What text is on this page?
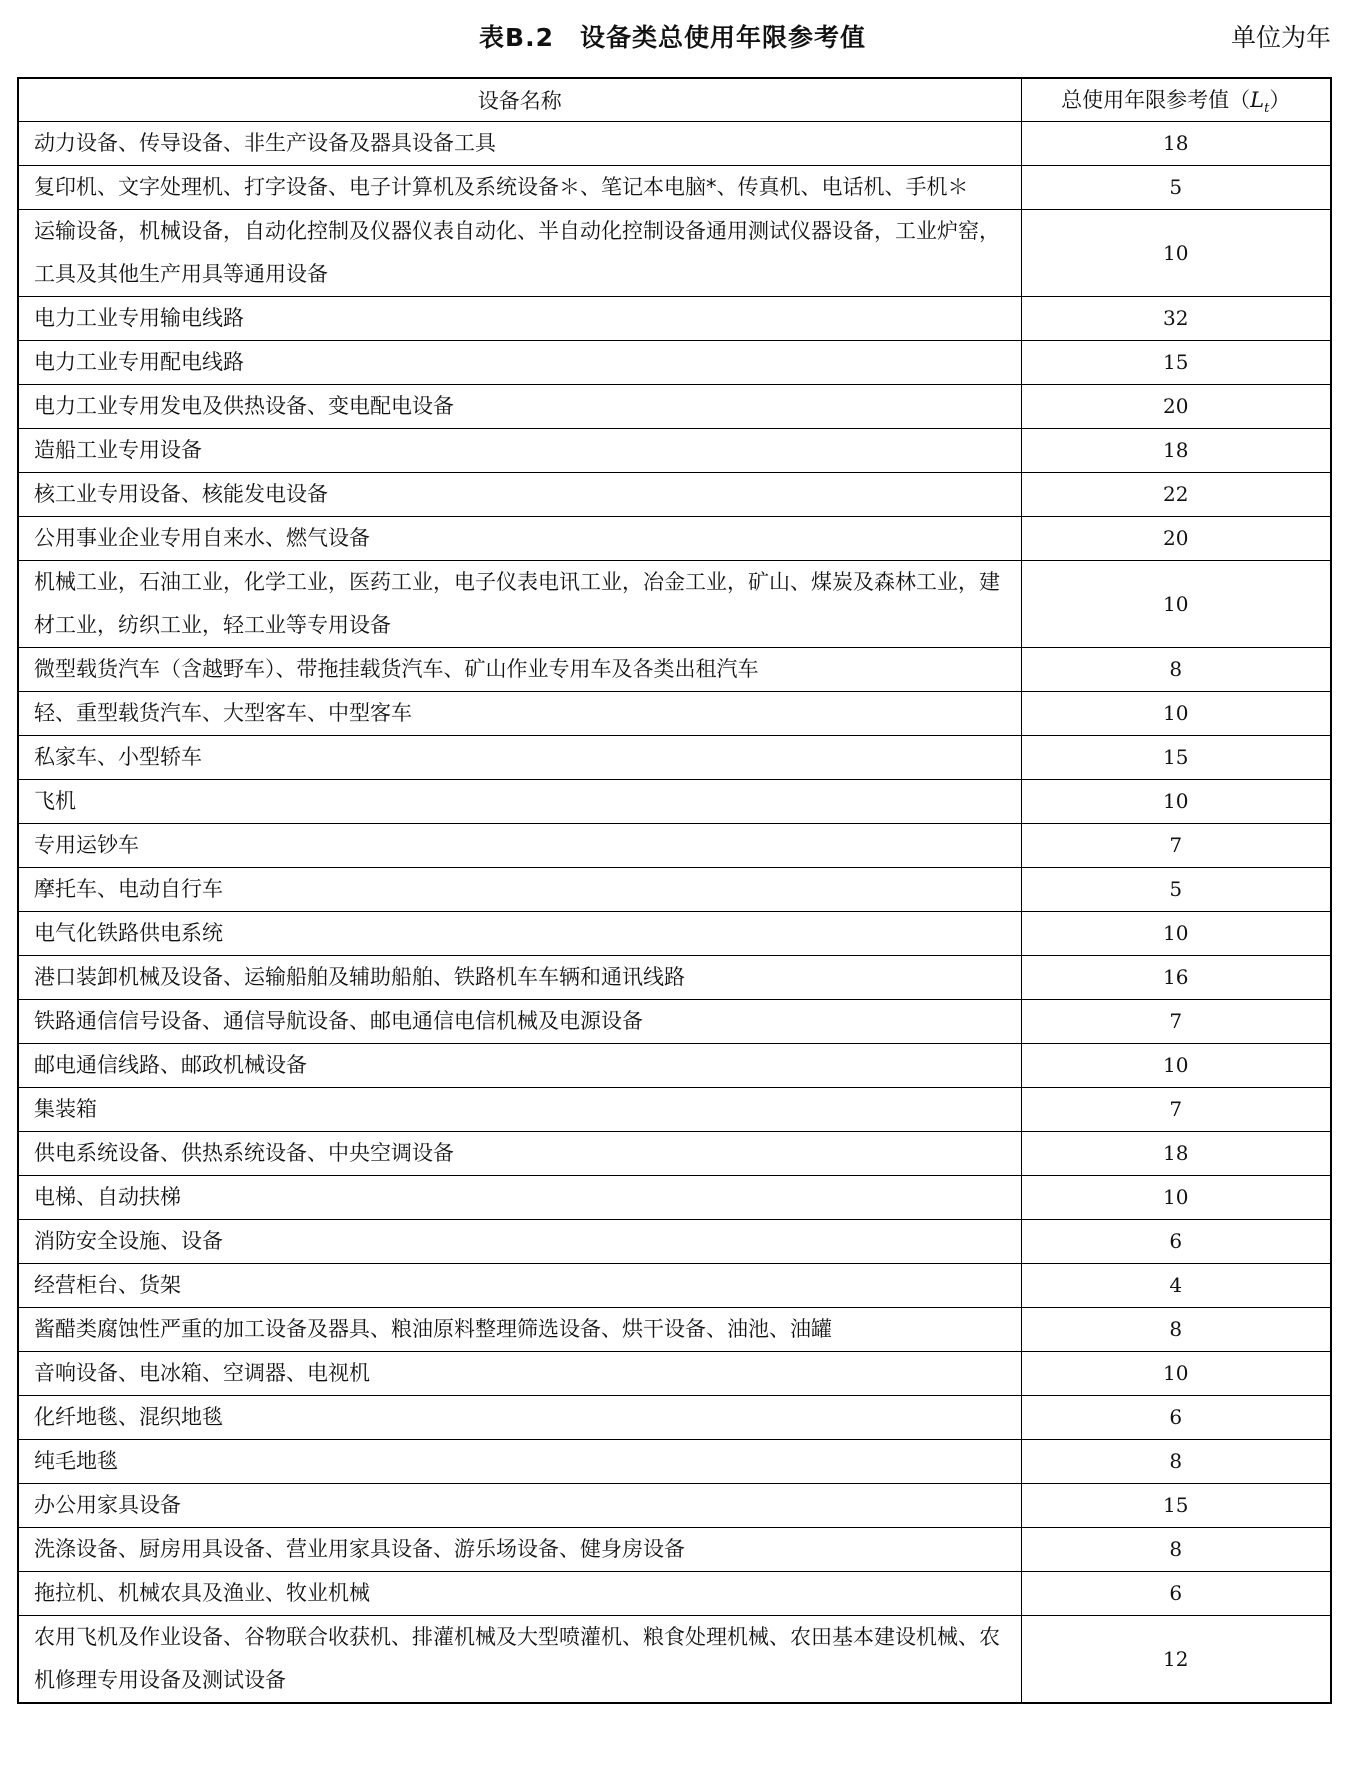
表B.2　设备类总使用年限参考值	单位为年
设备名称	总使用年限参考值$(L_t)$
动力设备、传导设备、非生产设备及器具设备工具	18
复印机、文字处理机、打字设备、电子计算机及系统设备＊、笔记本电脑*、传真机、电话机、手机＊	5
运输设备，机械设备，自动化控制及仪器仪表自动化、半自动化控制设备通用测试仪器设备，工业炉窑，工具及其他生产用具等通用设备	10
电力工业专用输电线路	32
电力工业专用配电线路	15
电力工业专用发电及供热设备、变电配电设备	20
造船工业专用设备	18
核工业专用设备、核能发电设备	22
公用事业企业专用自来水、燃气设备	20
机械工业，石油工业，化学工业，医药工业，电子仪表电讯工业，冶金工业，矿山、煤炭及森林工业，建材工业，纺织工业，轻工业等专用设备	10
微型载货汽车（含越野车）、带拖挂载货汽车、矿山作业专用车及各类出租汽车	8
轻、重型载货汽车、大型客车、中型客车	10
私家车、小型轿车	15
飞机	10
专用运钞车	7
摩托车、电动自行车	5
电气化铁路供电系统	10
港口装卸机械及设备、运输船舶及辅助船舶、铁路机车车辆和通讯线路	16
铁路通信信号设备、通信导航设备、邮电通信电信机械及电源设备	7
邮电通信线路、邮政机械设备	10
集装箱	7
供电系统设备、供热系统设备、中央空调设备	18
电梯、自动扶梯	10
消防安全设施、设备	6
经营柜台、货架	4
酱醋类腐蚀性严重的加工设备及器具、粮油原料整理筛选设备、烘干设备、油池、油罐	8
音响设备、电冰箱、空调器、电视机	10
化纤地毯、混织地毯	6
纯毛地毯	8
办公用家具设备	15
洗涤设备、厨房用具设备、营业用家具设备、游乐场设备、健身房设备	8
拖拉机、机械农具及渔业、牧业机械	6
农用飞机及作业设备、谷物联合收获机、排灌机械及大型喷灌机、粮食处理机械、农田基本建设机械、农机修理专用设备及测试设备	12
